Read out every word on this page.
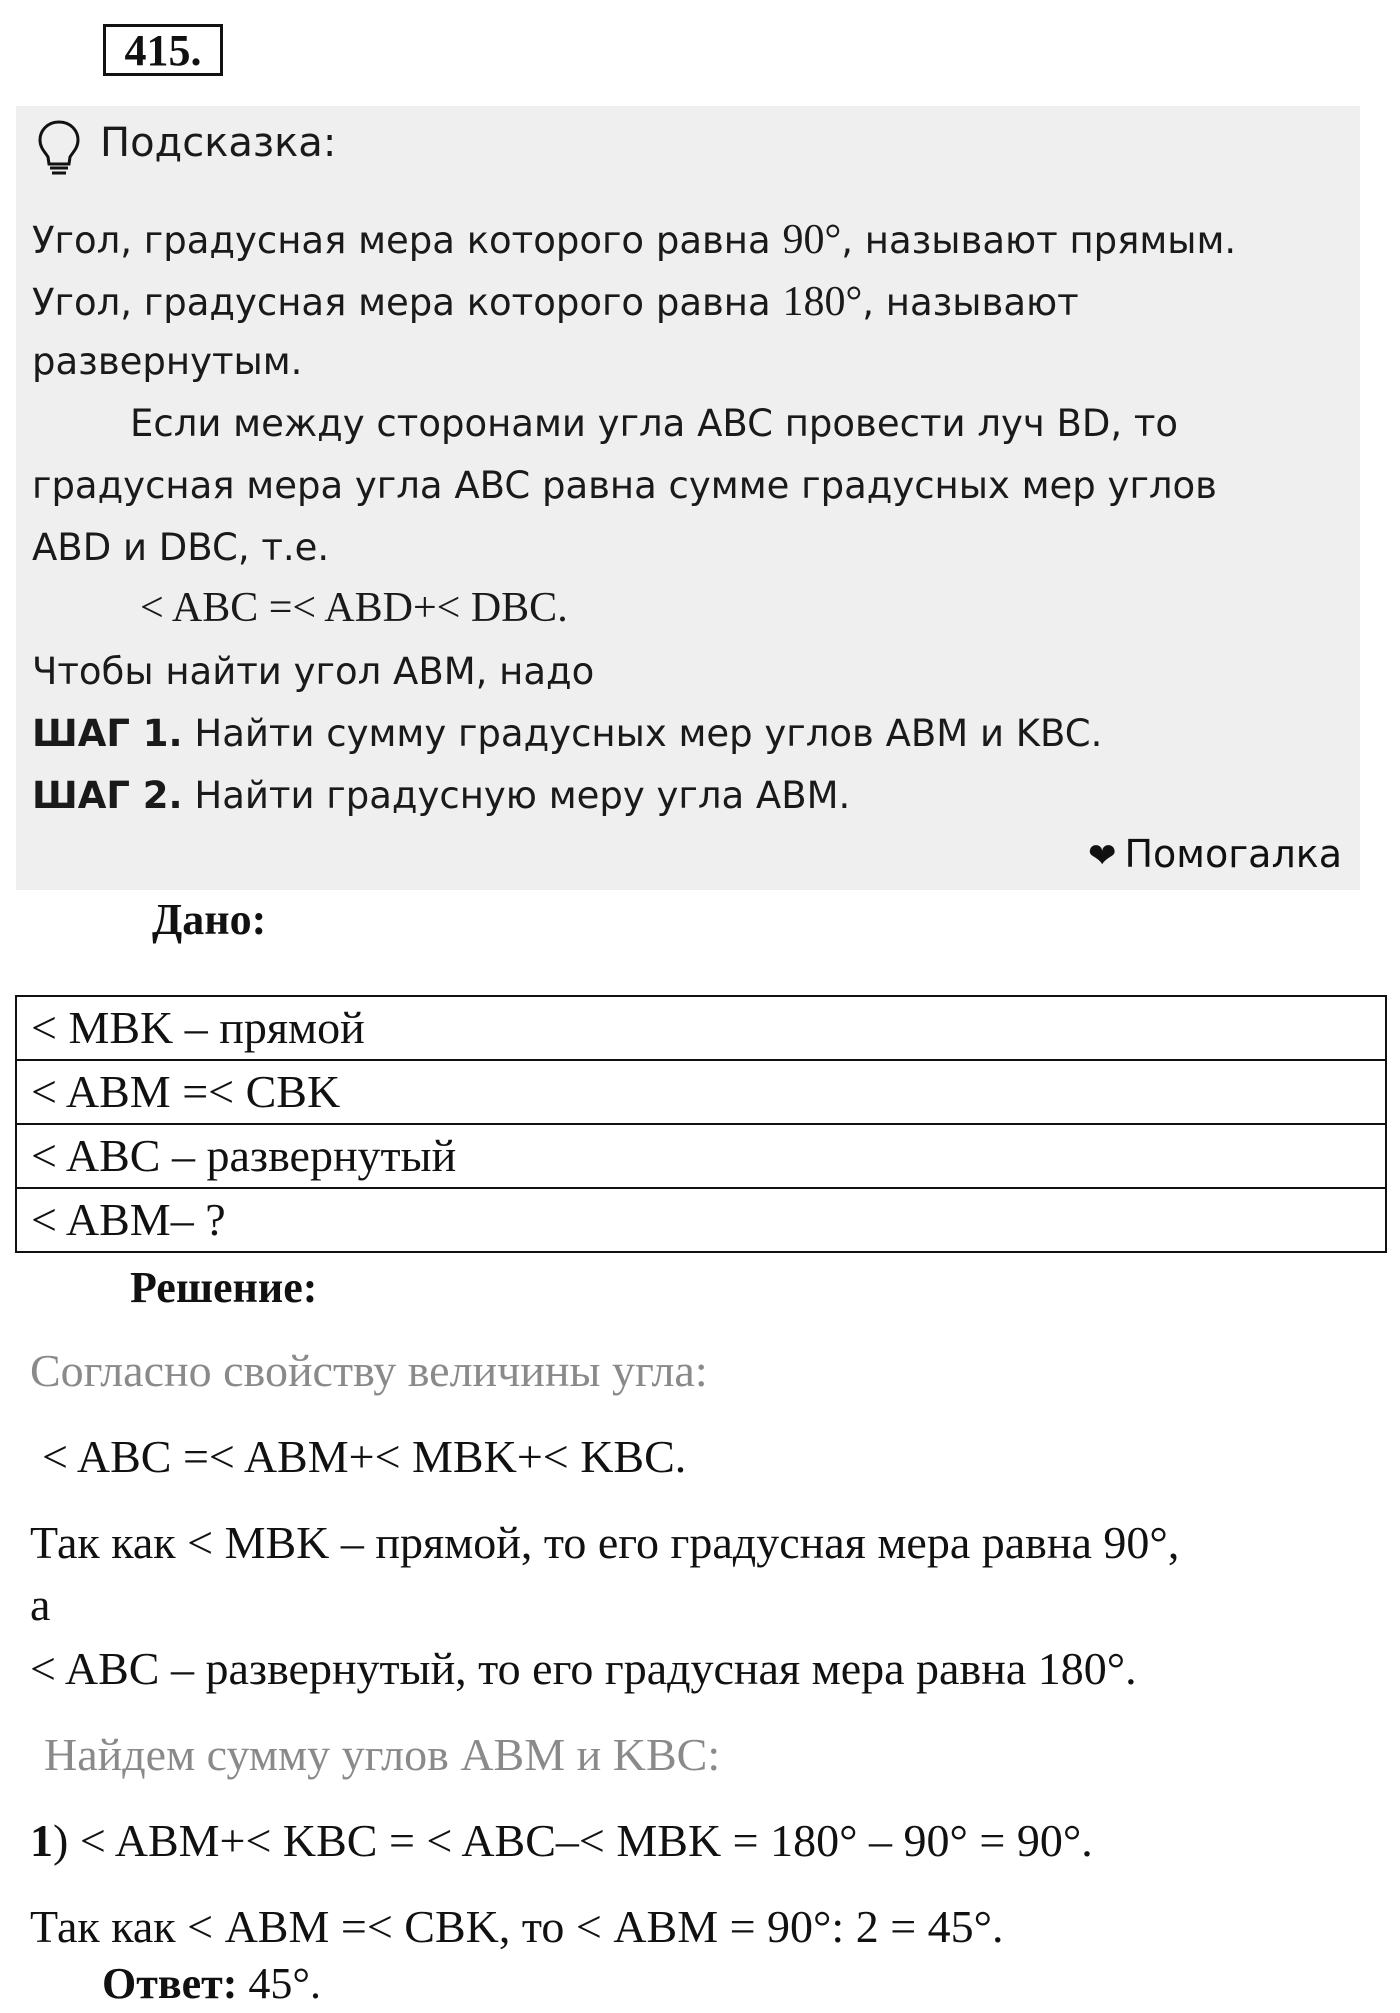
415.
Подсказка:
Угол, градусная мера которого равна 90°, называют прямым.
Угол, градусная мера которого равна 180°, называют
развернутым.
Если между сторонами угла ABC провести луч BD, то
градусная мера угла ABC равна сумме градусных мер углов
ABD и DBC, т.е.
< ABC =< ABD+< DBC.
Чтобы найти угол ABM, надо
ШАГ 1. Найти сумму градусных мер углов ABM и KBC.
ШАГ 2. Найти градусную меру угла ABM.
❤ Помогалка
Дано:
< MBK – прямой
< ABM =< CBK
< ABC – развернутый
< ABM– ?
Решение:
Согласно свойству величины угла:
< ABC =< ABM+< MBK+< KBC.
Так как < MBK – прямой, то его градусная мера равна 90°,
а
< ABC – развернутый, то его градусная мера равна 180°.
Найдем сумму углов ABM и KBC:
1) < ABM+< KBC = < ABC–< MBK = 180° – 90° = 90°.
Так как < ABM =< CBK, то < ABM = 90°: 2 = 45°.
Ответ: 45°.
